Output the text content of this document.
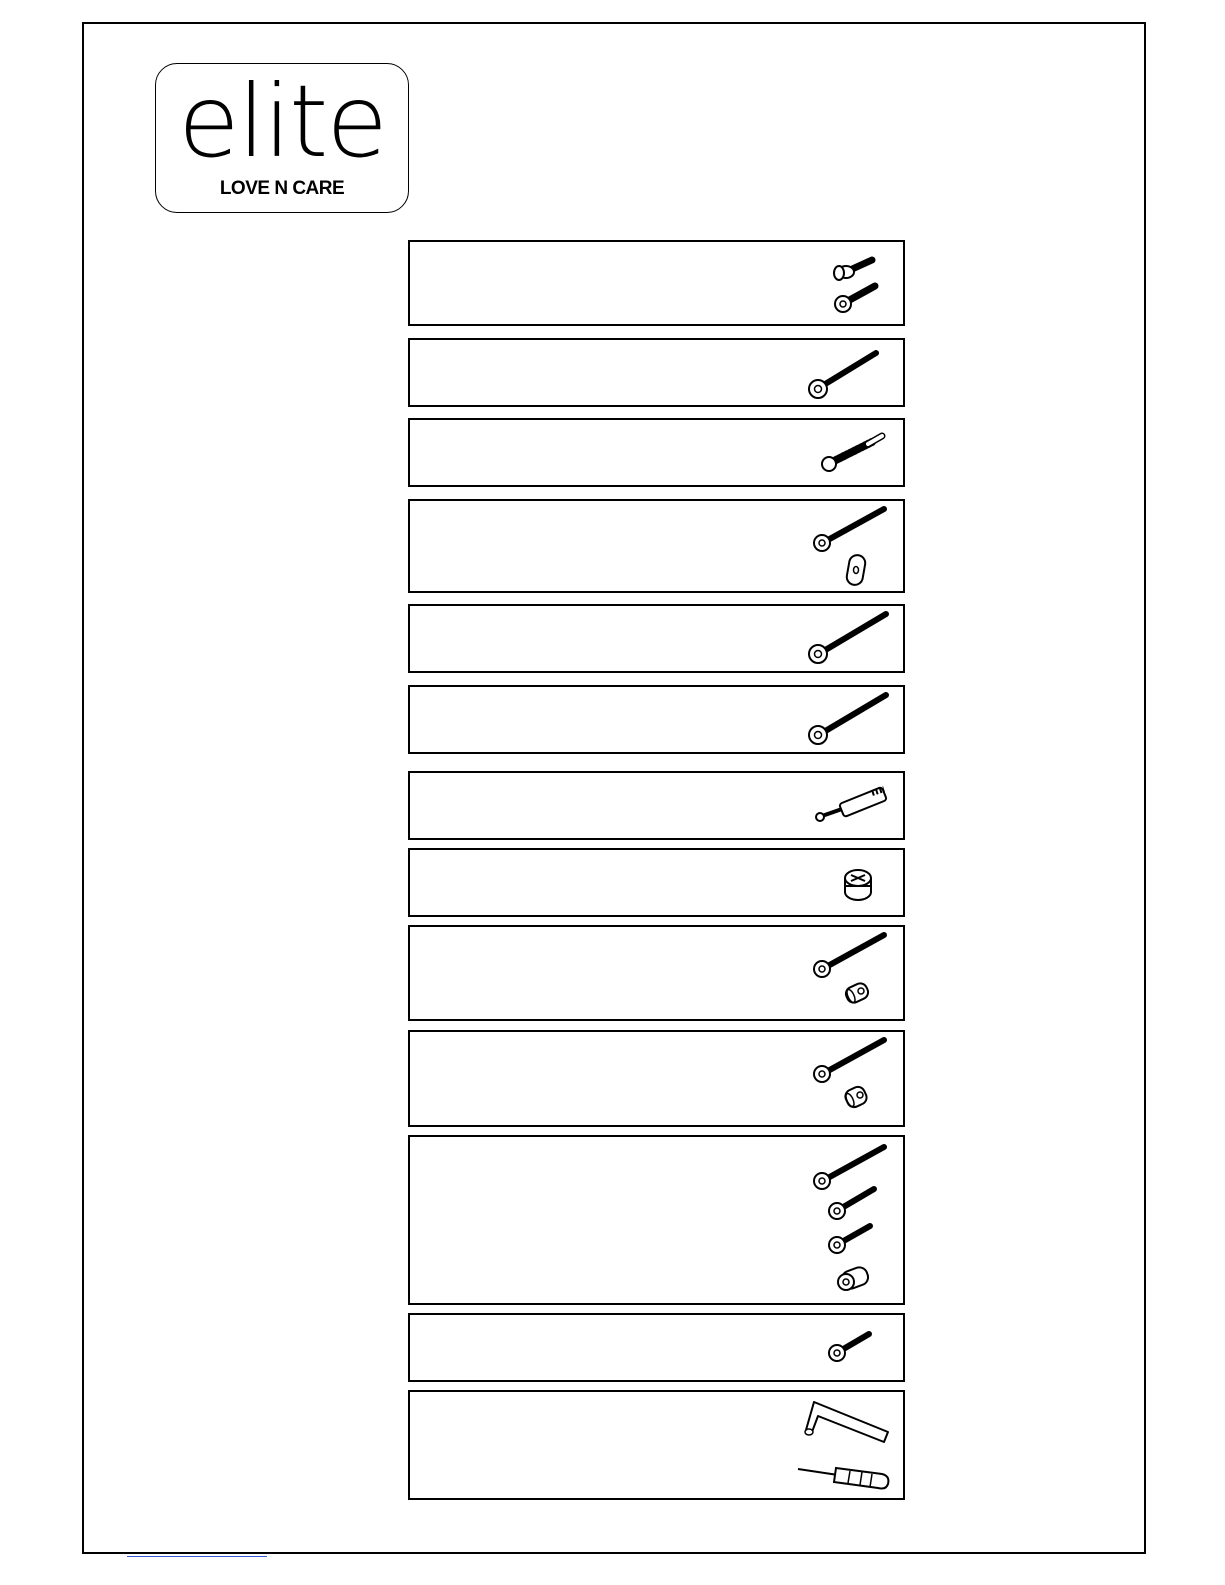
elite
LOVE N CARE
